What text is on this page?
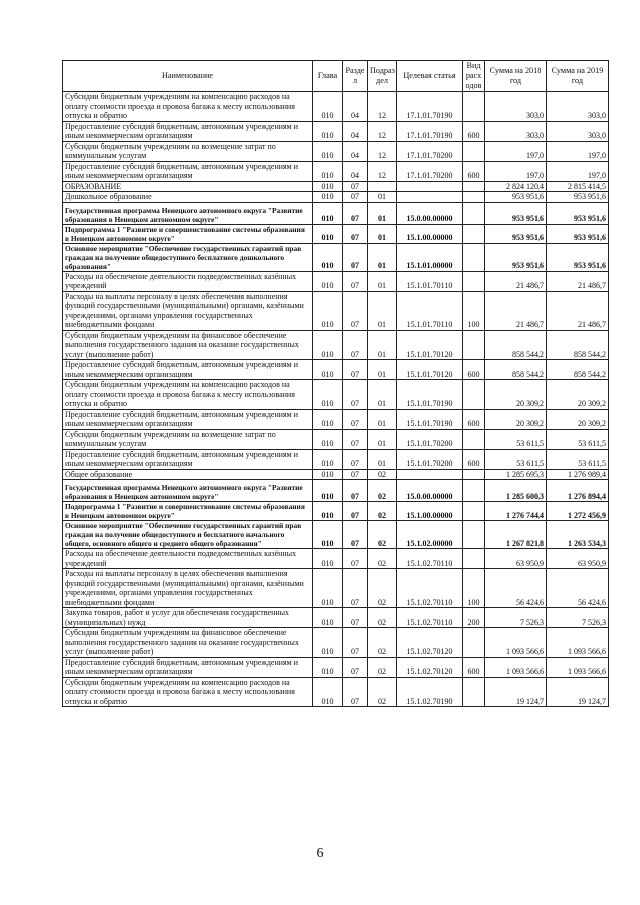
Наименование	Глава	Разде л	Подраз дел	Целевая статья	Вид расх одов	Сумма на 2018 год	Сумма на 2019 год
Субсидии бюджетным учреждениям на компенсацию расходов на оплату стоимости проезда и провоза багажа к месту использования отпуска и обратно	010	04	12	17.1.01.70190		303,0	303,0
Предоставление субсидий бюджетным, автономным учреждениям и иным некоммерческим организациям	010	04	12	17.1.01.70190	600	303,0	303,0
Субсидии бюджетным учреждениям на возмещение затрат по коммунальным услугам	010	04	12	17.1.01.70200		197,0	197,0
Предоставление субсидий бюджетным, автономным учреждениям и иным некоммерческим организациям	010	04	12	17.1.01.70200	600	197,0	197,0
ОБРАЗОВАНИЕ	010	07				2 824 120,4	2 815 414,5
Дошкольное образование	010	07	01			953 951,6	953 951,6
Государственная программа Ненецкого автономного округа "Развитие образования в Ненецком автономном округе"	010	07	01	15.0.00.00000		953 951,6	953 951,6
Подпрограмма 1 "Развитие и совершенствование системы образования в Ненецком автономном округе"	010	07	01	15.1.00.00000		953 951,6	953 951,6
Основное мероприятие "Обеспечение государственных гарантий прав граждан на получение общедоступного бесплатного дошкольного образования"	010	07	01	15.1.01.00000		953 951,6	953 951,6
Расходы на обеспечение деятельности подведомственных казённых учреждений	010	07	01	15.1.01.70110		21 486,7	21 486,7
Расходы на выплаты персоналу в целях обеспечения выполнения функций государственными (муниципальными) органами, казёнными учреждениями, органами управления государственных внебюджетными фондами	010	07	01	15.1.01.70110	100	21 486,7	21 486,7
Субсидии бюджетным учреждениям на финансовое обеспечение выполнения государственного задания на оказание государственных услуг (выполнение работ)	010	07	01	15.1.01.70120		858 544,2	858 544,2
Предоставление субсидий бюджетным, автономным учреждениям и иным некоммерческим организациям	010	07	01	15.1.01.70120	600	858 544,2	858 544,2
Субсидии бюджетным учреждениям на компенсацию расходов на оплату стоимости проезда и провоза багажа к месту использования отпуска и обратно	010	07	01	15.1.01.70190		20 309,2	20 309,2
Предоставление субсидий бюджетным, автономным учреждениям и иным некоммерческим организациям	010	07	01	15.1.01.70190	600	20 309,2	20 309,2
Субсидии бюджетным учреждениям на возмещение затрат по коммунальным услугам	010	07	01	15.1.01.70200		53 611,5	53 611,5
Предоставление субсидий бюджетным, автономным учреждениям и иным некоммерческим организациям	010	07	01	15.1.01.70200	600	53 611,5	53 611,5
Общее образование	010	07	02			1 285 695,3	1 276 989,4
Государственная программа Ненецкого автономного округа "Развитие образования в Ненецком автономном округе"	010	07	02	15.0.00.00000		1 285 600,3	1 276 894,4
Подпрограмма 1 "Развитие и совершенствование системы образования в Ненецком автономном округе"	010	07	02	15.1.00.00000		1 276 744,4	1 272 456,9
Основное мероприятие "Обеспечение государственных гарантий прав граждан на получение общедоступного и бесплатного начального общего, основного общего и среднего общего образования"	010	07	02	15.1.02.00000		1 267 821,8	1 263 534,3
Расходы на обеспечение деятельности подведомственных казённых учреждений	010	07	02	15.1.02.70110		63 950,9	63 950,9
Расходы на выплаты персоналу в целях обеспечения выполнения функций государственными (муниципальными) органами, казёнными учреждениями, органами управления государственных внебюджетными фондами	010	07	02	15.1.02.70110	100	56 424,6	56 424,6
Закупка товаров, работ и услуг для обеспечения государственных (муниципальных) нужд	010	07	02	15.1.02.70110	200	7 526,3	7 526,3
Субсидии бюджетным учреждениям на финансовое обеспечение выполнения государственного задания на оказание государственных услуг (выполнение работ)	010	07	02	15.1.02.70120		1 093 566,6	1 093 566,6
Предоставление субсидий бюджетным, автономным учреждениям и иным некоммерческим организациям	010	07	02	15.1.02.70120	600	1 093 566,6	1 093 566,6
Субсидии бюджетным учреждениям на компенсацию расходов на оплату стоимости проезда и провоза багажа к месту использования отпуска и обратно	010	07	02	15.1.02.70190		19 124,7	19 124,7
6
